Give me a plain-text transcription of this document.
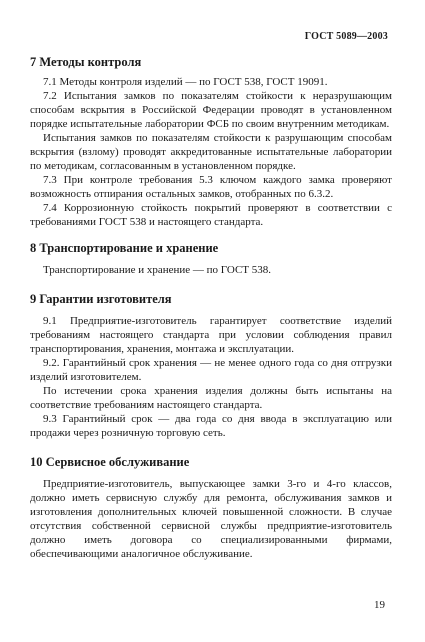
ГОСТ 5089—2003
7 Методы контроля

7.1 Методы контроля изделий — по ГОСТ 538, ГОСТ 19091.

7.2 Испытания замков по показателям стойкости к неразрушающим способам вскрытия в Российской Федерации проводят в установленном порядке испытательные лаборатории ФСБ по своим внутренним методикам.

Испытания замков по показателям стойкости к разрушающим способам вскрытия (взлому) проводят аккредитованные испытательные лаборатории по методикам, согласованным в установленном порядке.

7.3 При контроле требования 5.3 ключом каждого замка проверяют возможность отпирания остальных замков, отобранных по 6.3.2.

7.4 Коррозионную стойкость покрытий проверяют в соответствии с требованиями ГОСТ 538 и настоящего стандарта.

8 Транспортирование и хранение

Транспортирование и хранение — по ГОСТ 538.

9 Гарантии изготовителя

9.1 Предприятие-изготовитель гарантирует соответствие изделий требованиям настоящего стандарта при условии соблюдения правил транспортирования, хранения, монтажа и эксплуатации.

9.2. Гарантийный срок хранения — не менее одного года со дня отгрузки изделий изготовителем.

По истечении срока хранения изделия должны быть испытаны на соответствие требованиям настоящего стандарта.

9.3 Гарантийный срок — два года со дня ввода в эксплуатацию или продажи через розничную торговую сеть.

10 Сервисное обслуживание

Предприятие-изготовитель, выпускающее замки 3-го и 4-го классов, должно иметь сервисную службу для ремонта, обслуживания замков и изготовления дополнительных ключей повышенной сложности. В случае отсутствия собственной сервисной службы предприятие-изготовитель должно иметь договора со специализированными фирмами, обеспечивающими аналогичное обслуживание.

19
